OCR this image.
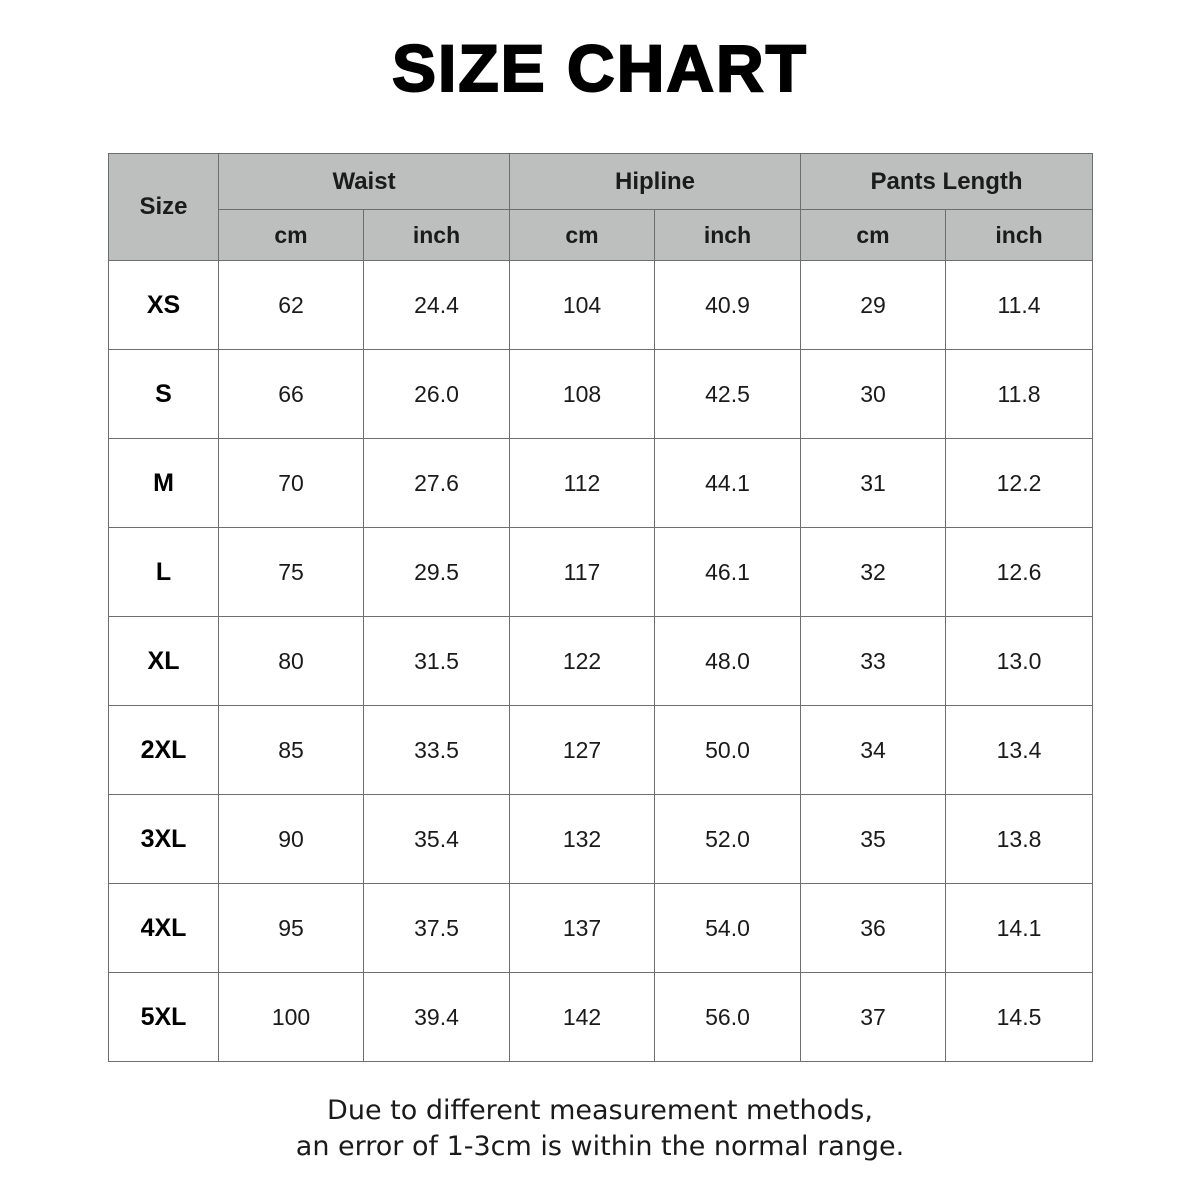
SIZE CHART
Size	Waist		Hipline		Pants Length	
	cm	inch	cm	inch	cm	inch
XS	62	24.4	104	40.9	29	11.4
S	66	26.0	108	42.5	30	11.8
M	70	27.6	112	44.1	31	12.2
L	75	29.5	117	46.1	32	12.6
XL	80	31.5	122	48.0	33	13.0
2XL	85	33.5	127	50.0	34	13.4
3XL	90	35.4	132	52.0	35	13.8
4XL	95	37.5	137	54.0	36	14.1
5XL	100	39.4	142	56.0	37	14.5
Due to different measurement methods,
an error of 1-3cm is within the normal range.
